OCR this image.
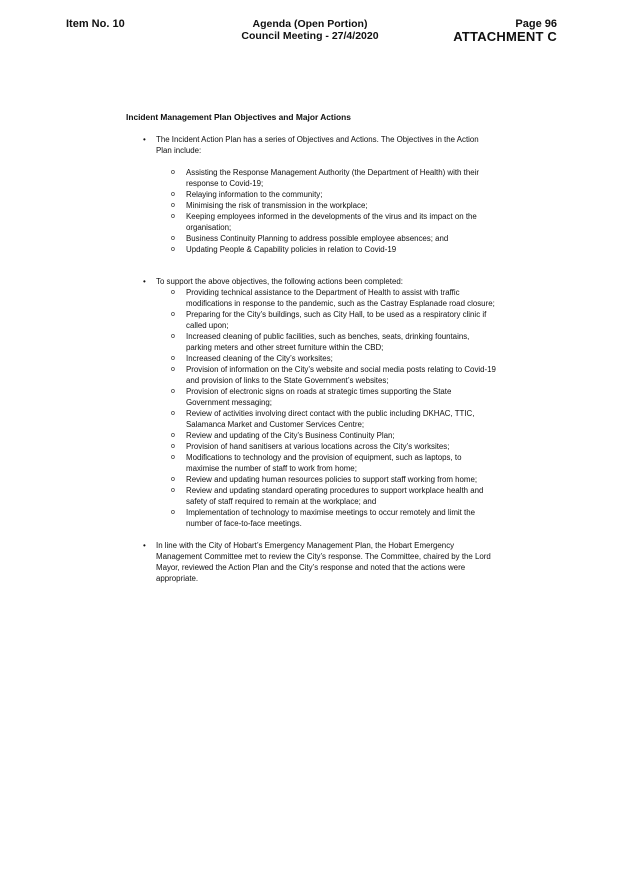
Item No. 10	Agenda (Open Portion)
Council Meeting - 27/4/2020
Page 96
ATTACHMENT C
Incident Management Plan Objectives and Major Actions
• The Incident Action Plan has a series of Objectives and Actions. The Objectives in the Action Plan include:
o Assisting the Response Management Authority (the Department of Health) with their response to Covid-19;
o Relaying information to the community;
o Minimising the risk of transmission in the workplace;
o Keeping employees informed in the developments of the virus and its impact on the organisation;
o Business Continuity Planning to address possible employee absences; and
o Updating People & Capability policies in relation to Covid-19
• To support the above objectives, the following actions been completed:
o Providing technical assistance to the Department of Health to assist with traffic modifications in response to the pandemic, such as the Castray Esplanade road closure;
o Preparing for the City’s buildings, such as City Hall, to be used as a respiratory clinic if called upon;
o Increased cleaning of public facilities, such as benches, seats, drinking fountains, parking meters and other street furniture within the CBD;
o Increased cleaning of the City’s worksites;
o Provision of information on the City’s website and social media posts relating to Covid-19 and provision of links to the State Government’s websites;
o Provision of electronic signs on roads at strategic times supporting the State Government messaging;
o Review of activities involving direct contact with the public including DKHAC, TTIC, Salamanca Market and Customer Services Centre;
o Review and updating of the City’s Business Continuity Plan;
o Provision of hand sanitisers at various locations across the City’s worksites;
o Modifications to technology and the provision of equipment, such as laptops, to maximise the number of staff to work from home;
o Review and updating human resources policies to support staff working from home;
o Review and updating standard operating procedures to support workplace health and safety of staff required to remain at the workplace; and
o Implementation of technology to maximise meetings to occur remotely and limit the number of face-to-face meetings.
• In line with the City of Hobart’s Emergency Management Plan, the Hobart Emergency Management Committee met to review the City’s response. The Committee, chaired by the Lord Mayor, reviewed the Action Plan and the City’s response and noted that the actions were appropriate.
